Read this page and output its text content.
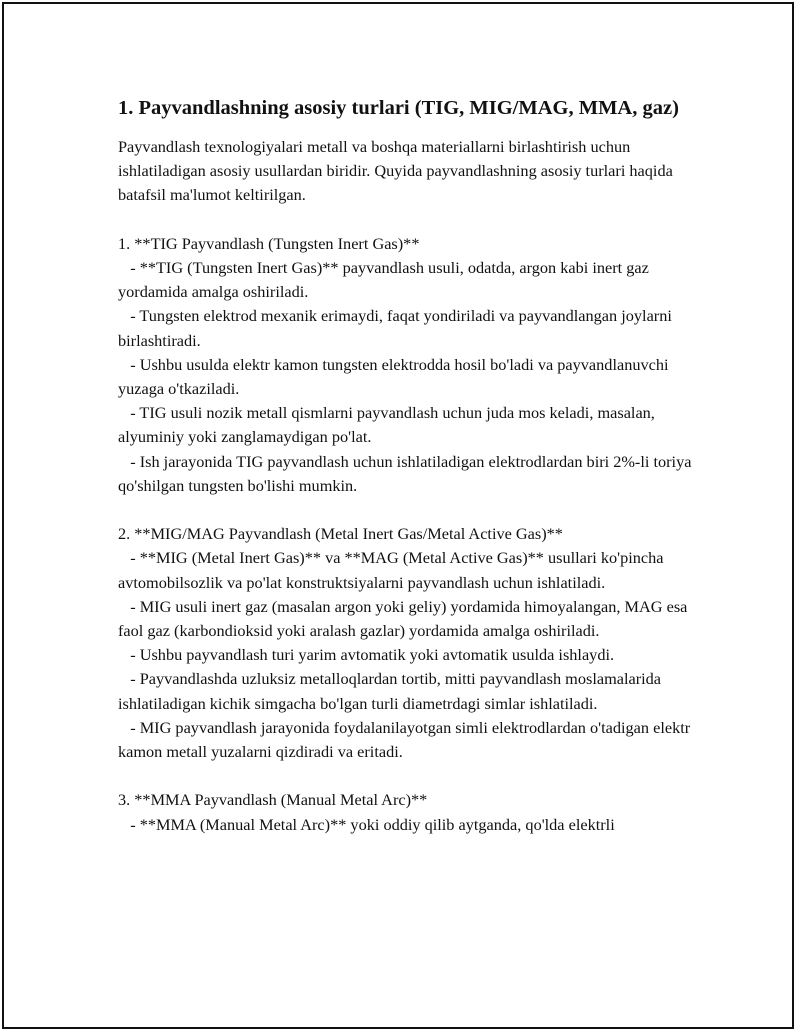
1. Payvandlashning asosiy turlari (TIG, MIG/MAG, MMA, gaz)

Payvandlash texnologiyalari metall va boshqa materiallarni birlashtirish uchun ishlatiladigan asosiy usullardan biridir. Quyida payvandlashning asosiy turlari haqida batafsil ma'lumot keltirilgan.

1. **TIG Payvandlash (Tungsten Inert Gas)**
- **TIG (Tungsten Inert Gas)** payvandlash usuli, odatda, argon kabi inert gaz yordamida amalga oshiriladi.
- Tungsten elektrod mexanik erimaydi, faqat yondiriladi va payvandlangan joylarni birlashtiradi.
- Ushbu usulda elektr kamon tungsten elektrodda hosil bo'ladi va payvandlanuvchi yuzaga o'tkaziladi.
- TIG usuli nozik metall qismlarni payvandlash uchun juda mos keladi, masalan, alyuminiy yoki zanglamaydigan po'lat.
- Ish jarayonida TIG payvandlash uchun ishlatiladigan elektrodlardan biri 2%-li toriya qo'shilgan tungsten bo'lishi mumkin.

2. **MIG/MAG Payvandlash (Metal Inert Gas/Metal Active Gas)**
- **MIG (Metal Inert Gas)** va **MAG (Metal Active Gas)** usullari ko'pincha avtomobilsozlik va po'lat konstruktsiyalarni payvandlash uchun ishlatiladi.
- MIG usuli inert gaz (masalan argon yoki geliy) yordamida himoyalangan, MAG esa faol gaz (karbondioksid yoki aralash gazlar) yordamida amalga oshiriladi.
- Ushbu payvandlash turi yarim avtomatik yoki avtomatik usulda ishlaydi.
- Payvandlashda uzluksiz metalloqlardan tortib, mitti payvandlash moslamalarida ishlatiladigan kichik simgacha bo'lgan turli diametrdagi simlar ishlatiladi.
- MIG payvandlash jarayonida foydalanilayotgan simli elektrodlardan o'tadigan elektr kamon metall yuzalarni qizdiradi va eritadi.

3. **MMA Payvandlash (Manual Metal Arc)**
- **MMA (Manual Metal Arc)** yoki oddiy qilib aytganda, qo'lda elektrli
